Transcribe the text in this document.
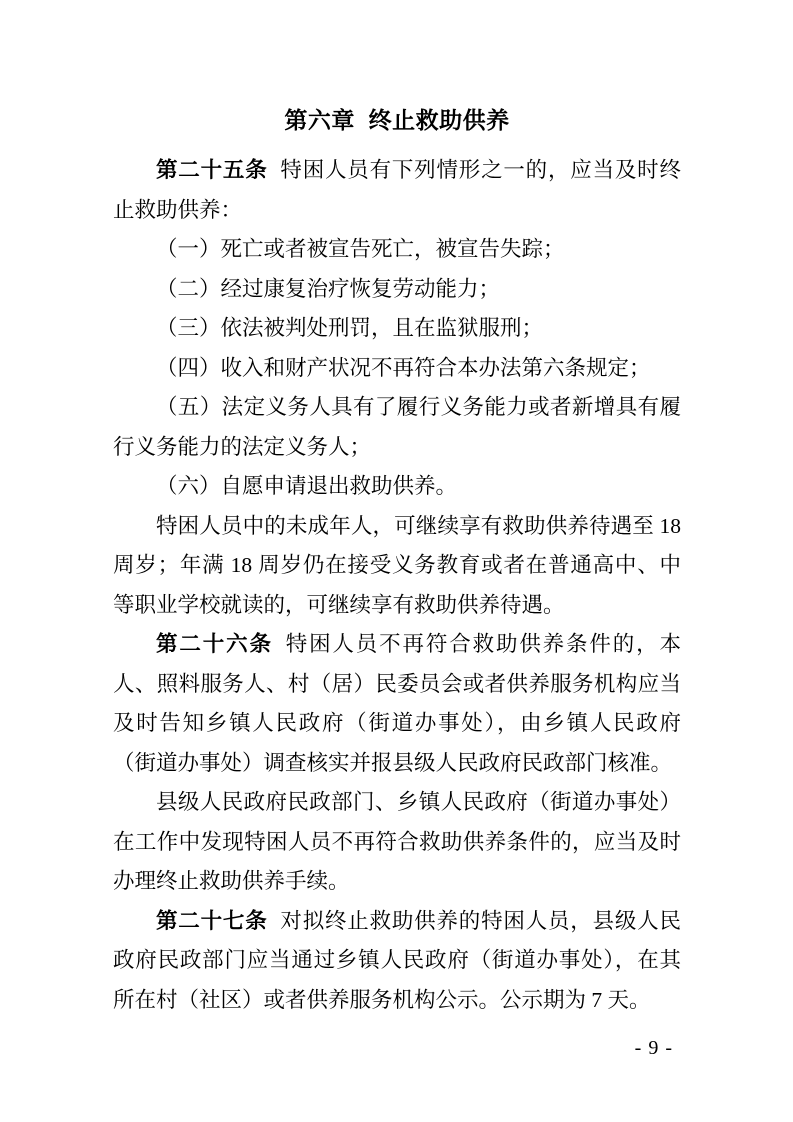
第六章  终止救助供养

第二十五条 特困人员有下列情形之一的，应当及时终止救助供养：

（一）死亡或者被宣告死亡，被宣告失踪；

（二）经过康复治疗恢复劳动能力；

（三）依法被判处刑罚，且在监狱服刑；

（四）收入和财产状况不再符合本办法第六条规定；

（五）法定义务人具有了履行义务能力或者新增具有履行义务能力的法定义务人；

（六）自愿申请退出救助供养。

特困人员中的未成年人，可继续享有救助供养待遇至 18 周岁；年满 18 周岁仍在接受义务教育或者在普通高中、中等职业学校就读的，可继续享有救助供养待遇。

第二十六条 特困人员不再符合救助供养条件的，本人、照料服务人、村（居）民委员会或者供养服务机构应当及时告知乡镇人民政府（街道办事处），由乡镇人民政府（街道办事处）调查核实并报县级人民政府民政部门核准。

县级人民政府民政部门、乡镇人民政府（街道办事处）在工作中发现特困人员不再符合救助供养条件的，应当及时办理终止救助供养手续。

第二十七条 对拟终止救助供养的特困人员，县级人民政府民政部门应当通过乡镇人民政府（街道办事处），在其所在村（社区）或者供养服务机构公示。公示期为 7 天。

- 9 -
